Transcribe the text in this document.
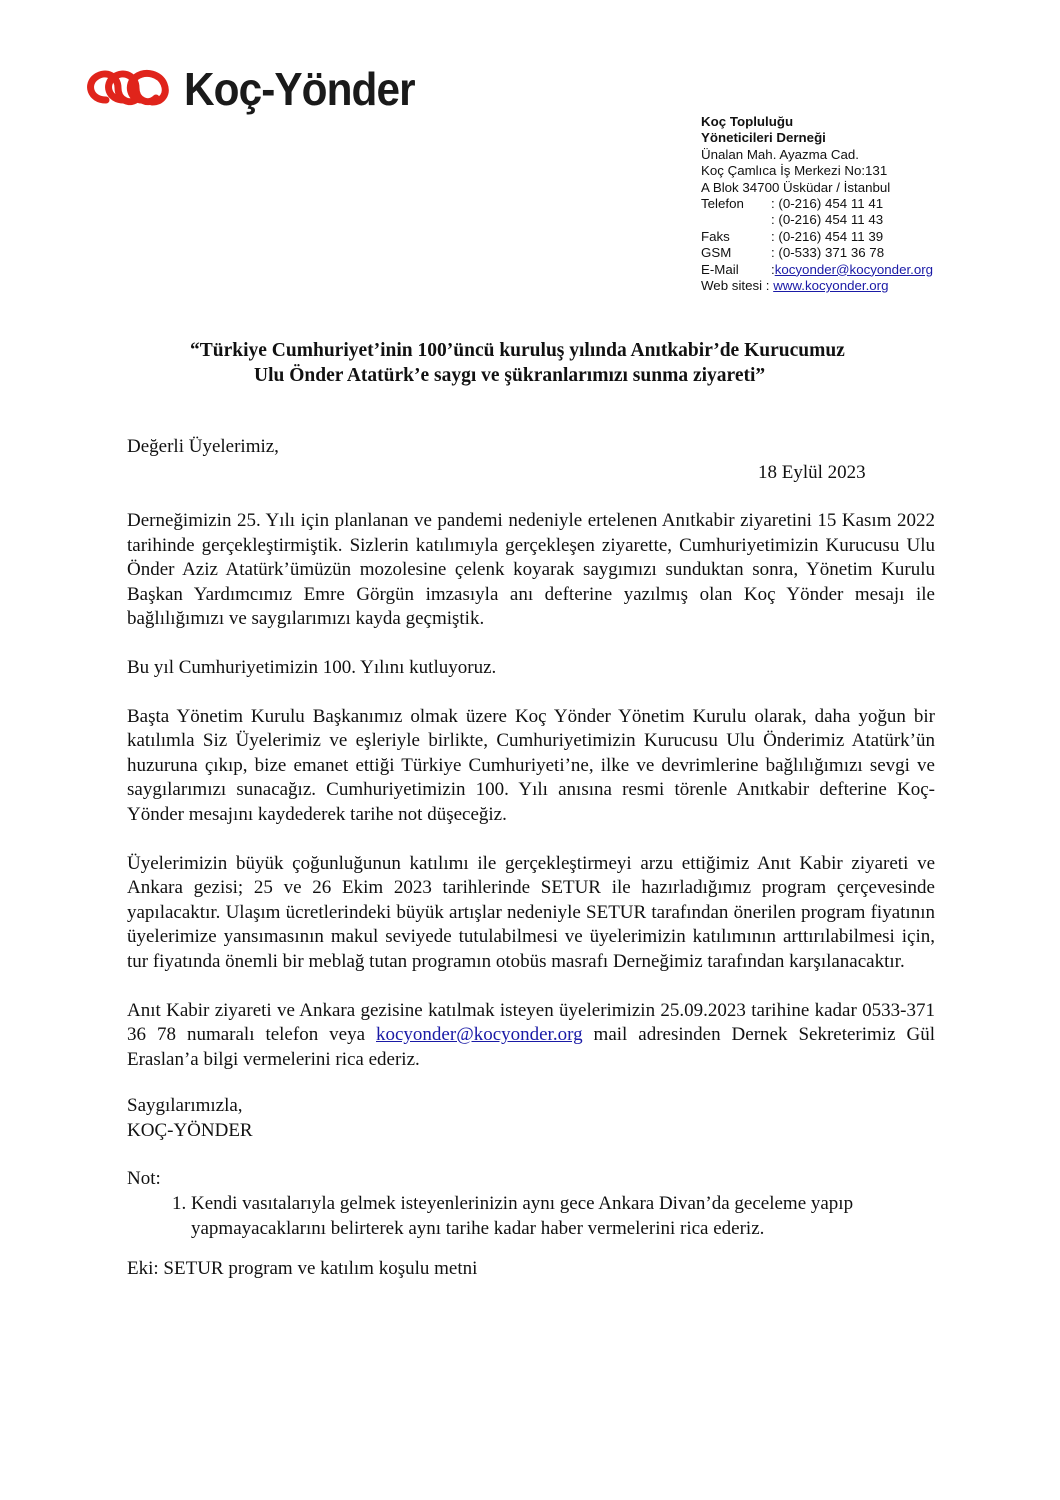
Koç-Yönder
Koç Topluluğu
Yöneticileri Derneği
Ünalan Mah. Ayazma Cad.
Koç Çamlıca İş Merkezi No:131
A Blok 34700 Üsküdar / İstanbul
Telefon	: (0-216) 454 11 41
: (0-216) 454 11 43
Faks	: (0-216) 454 11 39
GSM	: (0-533) 371 36 78
E-Mail	: kocyonder@kocyonder.org
Web sitesi : www.kocyonder.org
“Türkiye Cumhuriyet’inin 100’üncü kuruluş yılında Anıtkabir’de Kurucumuz
Ulu Önder Atatürk’e saygı ve şükranlarımızı sunma ziyareti”
Değerli Üyelerimiz,
18 Eylül 2023

Derneğimizin 25. Yılı için planlanan ve pandemi nedeniyle ertelenen Anıtkabir ziyaretini 15 Kasım 2022 tarihinde gerçekleştirmiştik. Sizlerin katılımıyla gerçekleşen ziyarette, Cumhuriyetimizin Kurucusu Ulu Önder Aziz Atatürk’ümüzün mozolesine çelenk koyarak saygımızı sunduktan sonra, Yönetim Kurulu Başkan Yardımcımız Emre Görgün imzasıyla anı defterine yazılmış olan Koç Yönder mesajı ile bağlılığımızı ve saygılarımızı kayda geçmiştik.

Bu yıl Cumhuriyetimizin 100. Yılını kutluyoruz.

Başta Yönetim Kurulu Başkanımız olmak üzere Koç Yönder Yönetim Kurulu olarak, daha yoğun bir katılımla Siz Üyelerimiz ve eşleriyle birlikte, Cumhuriyetimizin Kurucusu Ulu Önderimiz Atatürk’ün huzuruna çıkıp, bize emanet ettiği Türkiye Cumhuriyeti’ne, ilke ve devrimlerine bağlılığımızı sevgi ve saygılarımızı sunacağız. Cumhuriyetimizin 100. Yılı anısına resmi törenle Anıtkabir defterine Koç-Yönder mesajını kaydederek tarihe not düşeceğiz.

Üyelerimizin büyük çoğunluğunun katılımı ile gerçekleştirmeyi arzu ettiğimiz Anıt Kabir ziyareti ve Ankara gezisi; 25 ve 26 Ekim 2023 tarihlerinde SETUR ile hazırladığımız program çerçevesinde yapılacaktır. Ulaşım ücretlerindeki büyük artışlar nedeniyle SETUR tarafından önerilen program fiyatının üyelerimize yansımasının makul seviyede tutulabilmesi ve üyelerimizin katılımının arttırılabilmesi için, tur fiyatında önemli bir meblağ tutan programın otobüs masrafı Derneğimiz tarafından karşılanacaktır.

Anıt Kabir ziyareti ve Ankara gezisine katılmak isteyen üyelerimizin 25.09.2023 tarihine kadar 0533-371 36 78 numaralı telefon veya kocyonder@kocyonder.org mail adresinden Dernek Sekreterimiz Gül Eraslan’a bilgi vermelerini rica ederiz.

Saygılarımızla,
KOÇ-YÖNDER
Not:
1. Kendi vasıtalarıyla gelmek isteyenlerinizin aynı gece Ankara Divan’da geceleme yapıp yapmayacaklarını belirterek aynı tarihe kadar haber vermelerini rica ederiz.
Eki: SETUR program ve katılım koşulu metni
